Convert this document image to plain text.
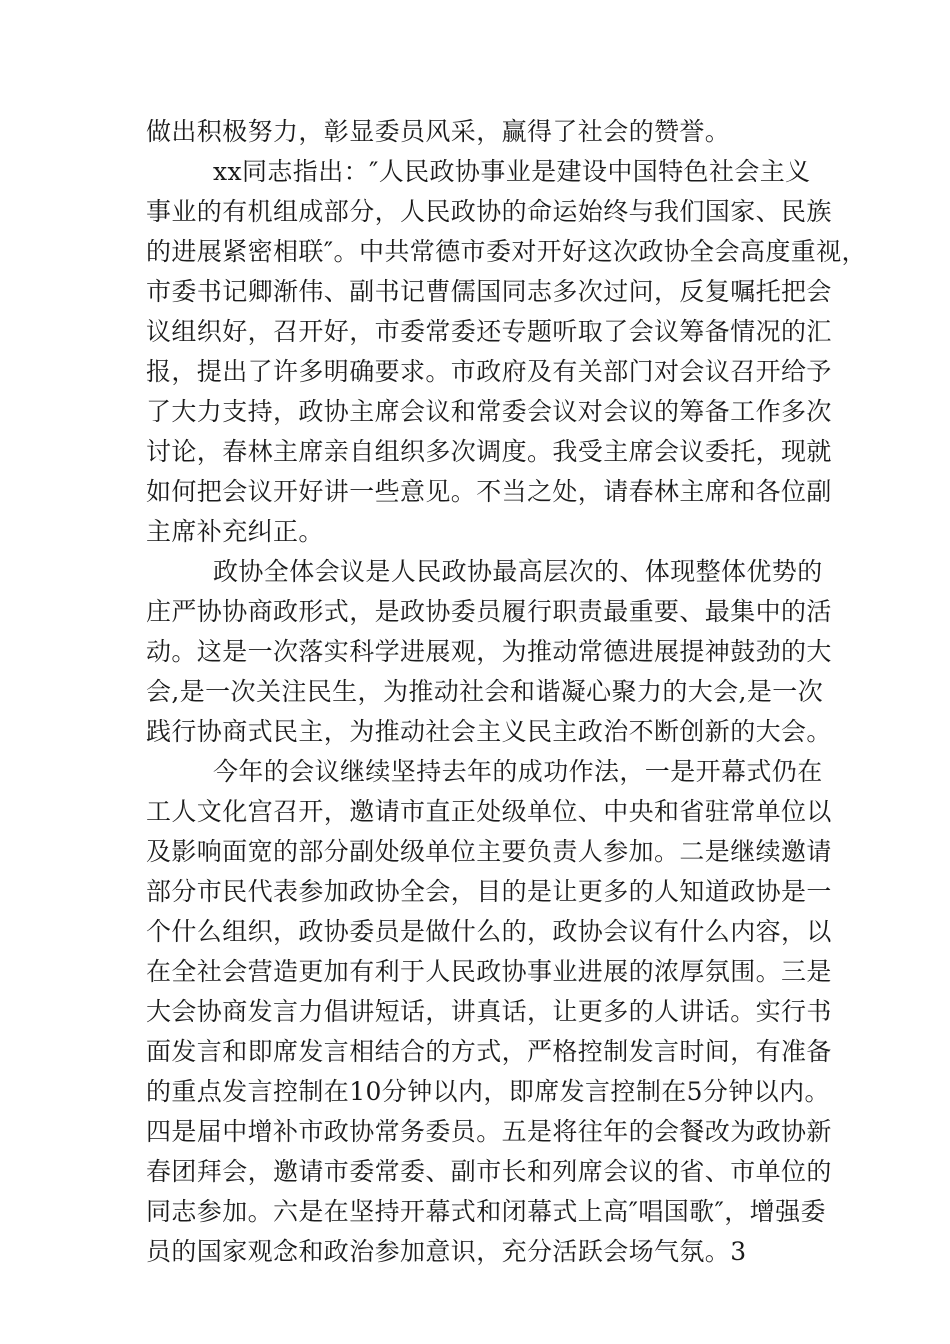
做出积极努力，彰显委员风采，赢得了社会的赞誉。
xx同志指出：″人民政协事业是建设中国特色社会主义
事业的有机组成部分，人民政协的命运始终与我们国家、民族
的进展紧密相联″。中共常德市委对开好这次政协全会高度重视，
市委书记卿渐伟、副书记曹儒国同志多次过问，反复嘱托把会
议组织好，召开好，市委常委还专题听取了会议筹备情况的汇
报，提出了许多明确要求。市政府及有关部门对会议召开给予
了大力支持，政协主席会议和常委会议对会议的筹备工作多次
讨论，春林主席亲自组织多次调度。我受主席会议委托，现就
如何把会议开好讲一些意见。不当之处，请春林主席和各位副
主席补充纠正。
政协全体会议是人民政协最高层次的、体现整体优势的
庄严协协商政形式，是政协委员履行职责最重要、最集中的活
动。这是一次落实科学进展观，为推动常德进展提神鼓劲的大
会,是一次关注民生，为推动社会和谐凝心聚力的大会,是一次
践行协商式民主，为推动社会主义民主政治不断创新的大会。
今年的会议继续坚持去年的成功作法，一是开幕式仍在
工人文化宫召开，邀请市直正处级单位、中央和省驻常单位以
及影响面宽的部分副处级单位主要负责人参加。二是继续邀请
部分市民代表参加政协全会，目的是让更多的人知道政协是一
个什么组织，政协委员是做什么的，政协会议有什么内容，以
在全社会营造更加有利于人民政协事业进展的浓厚氛围。三是
大会协商发言力倡讲短话，讲真话，让更多的人讲话。实行书
面发言和即席发言相结合的方式，严格控制发言时间，有准备
的重点发言控制在10分钟以内，即席发言控制在5分钟以内。
四是届中增补市政协常务委员。五是将往年的会餐改为政协新
春团拜会，邀请市委常委、副市长和列席会议的省、市单位的
同志参加。六是在坚持开幕式和闭幕式上高″唱国歌″，增强委
员的国家观念和政治参加意识，充分活跃会场气氛。3
